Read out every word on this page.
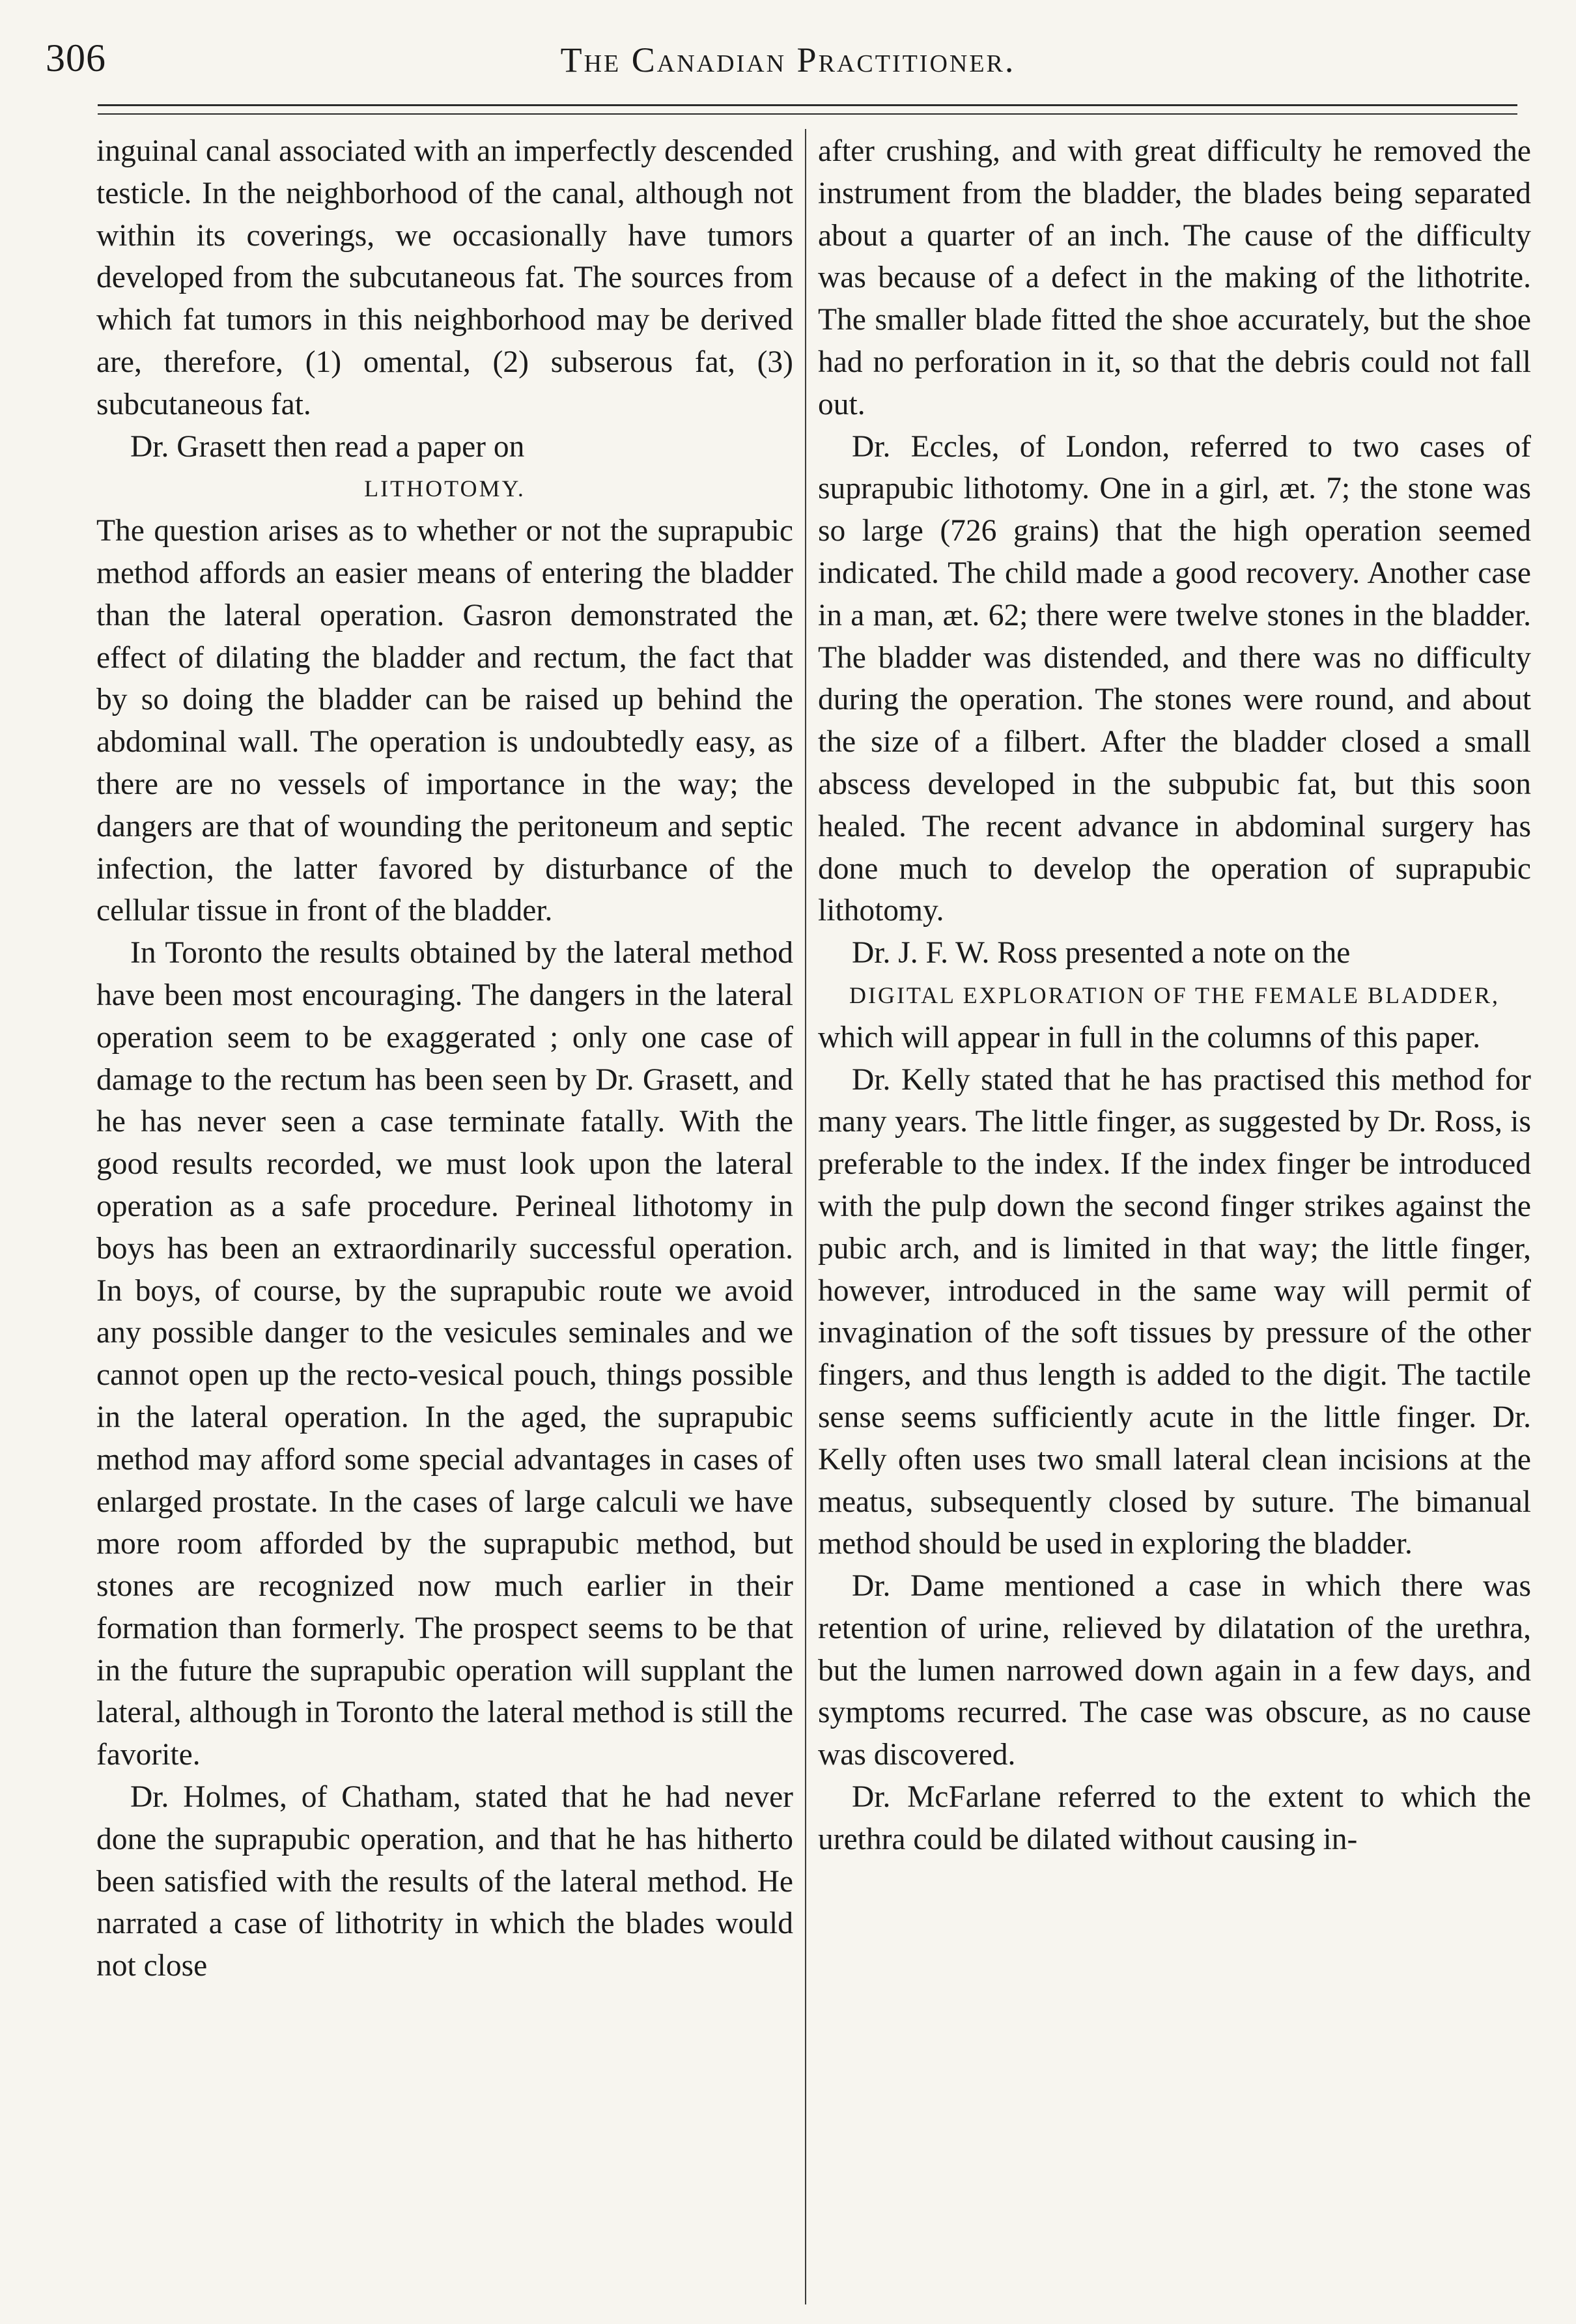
306	The Canadian Practitioner.

inguinal canal associated with an imperfectly descended testicle. In the neighborhood of the canal, although not within its coverings, we occasionally have tumors developed from the subcutaneous fat. The sources from which fat tumors in this neighborhood may be derived are, therefore, (1) omental, (2) subserous fat, (3) subcutaneous fat.

Dr. Grasett then read a paper on

LITHOTOMY.

The question arises as to whether or not the suprapubic method affords an easier means of entering the bladder than the lateral operation. Gasron demonstrated the effect of dilating the bladder and rectum, the fact that by so doing the bladder can be raised up behind the abdominal wall. The operation is undoubtedly easy, as there are no vessels of importance in the way; the dangers are that of wounding the peritoneum and septic infection, the latter favored by disturbance of the cellular tissue in front of the bladder.

In Toronto the results obtained by the lateral method have been most encouraging. The dangers in the lateral operation seem to be exaggerated ; only one case of damage to the rectum has been seen by Dr. Grasett, and he has never seen a case terminate fatally. With the good results recorded, we must look upon the lateral operation as a safe procedure. Perineal lithotomy in boys has been an extraordinarily successful operation. In boys, of course, by the suprapubic route we avoid any possible danger to the vesicules seminales and we cannot open up the recto-vesical pouch, things possible in the lateral operation. In the aged, the suprapubic method may afford some special advantages in cases of enlarged prostate. In the cases of large calculi we have more room afforded by the suprapubic method, but stones are recognized now much earlier in their formation than formerly. The prospect seems to be that in the future the suprapubic operation will supplant the lateral, although in Toronto the lateral method is still the favorite.

Dr. Holmes, of Chatham, stated that he had never done the suprapubic operation, and that he has hitherto been satisfied with the results of the lateral method. He narrated a case of lithotrity in which the blades would not close

after crushing, and with great difficulty he removed the instrument from the bladder, the blades being separated about a quarter of an inch. The cause of the difficulty was because of a defect in the making of the lithotrite. The smaller blade fitted the shoe accurately, but the shoe had no perforation in it, so that the debris could not fall out.

Dr. Eccles, of London, referred to two cases of suprapubic lithotomy. One in a girl, æt. 7; the stone was so large (726 grains) that the high operation seemed indicated. The child made a good recovery. Another case in a man, æt. 62; there were twelve stones in the bladder. The bladder was distended, and there was no difficulty during the operation. The stones were round, and about the size of a filbert. After the bladder closed a small abscess developed in the subpubic fat, but this soon healed. The recent advance in abdominal surgery has done much to develop the operation of suprapubic lithotomy.

Dr. J. F. W. Ross presented a note on the

DIGITAL EXPLORATION OF THE FEMALE BLADDER,

which will appear in full in the columns of this paper.

Dr. Kelly stated that he has practised this method for many years. The little finger, as suggested by Dr. Ross, is preferable to the index. If the index finger be introduced with the pulp down the second finger strikes against the pubic arch, and is limited in that way; the little finger, however, introduced in the same way will permit of invagination of the soft tissues by pressure of the other fingers, and thus length is added to the digit. The tactile sense seems sufficiently acute in the little finger. Dr. Kelly often uses two small lateral clean incisions at the meatus, subsequently closed by suture. The bimanual method should be used in exploring the bladder.

Dr. Dame mentioned a case in which there was retention of urine, relieved by dilatation of the urethra, but the lumen narrowed down again in a few days, and symptoms recurred. The case was obscure, as no cause was discovered.

Dr. McFarlane referred to the extent to which the urethra could be dilated without causing in-
